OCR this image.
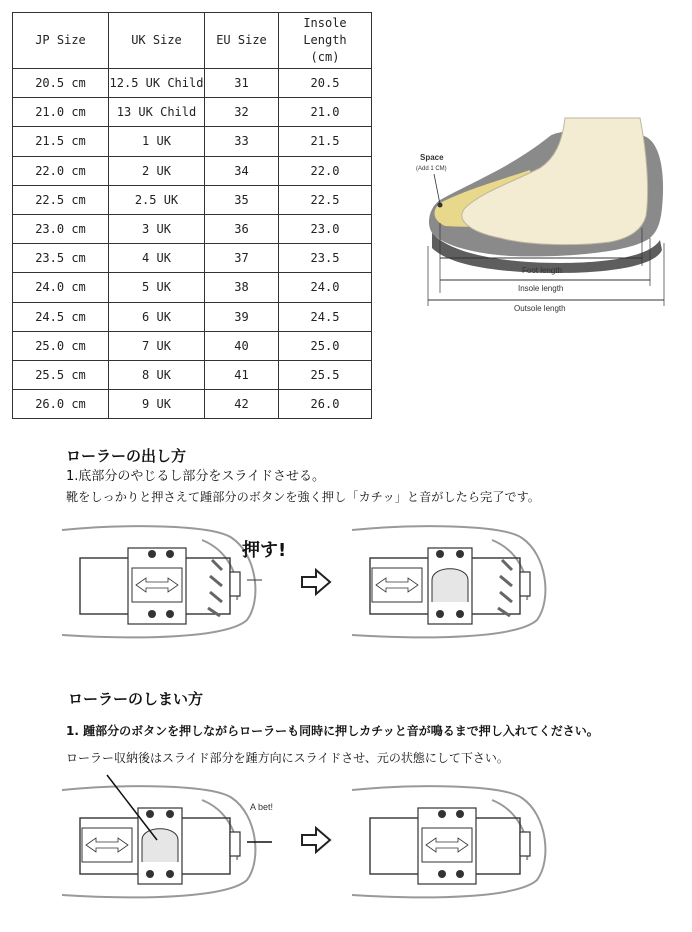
JP Size	UK Size	EU Size	Insole Length
(cm)
20.5 cm	12.5 UK Child	31	20.5
21.0 cm	13 UK Child	32	21.0
21.5 cm	1 UK	33	21.5
22.0 cm	2 UK	34	22.0
22.5 cm	2.5 UK	35	22.5
23.0 cm	3 UK	36	23.0
23.5 cm	4 UK	37	23.5
24.0 cm	5 UK	38	24.0
24.5 cm	6 UK	39	24.5
25.0 cm	7 UK	40	25.0
25.5 cm	8 UK	41	25.5
26.0 cm	9 UK	42	26.0
Space
(Add 1 CM)
Foot length
Insole length
Outsole length
ローラーの出し方

1.底部分のやじるし部分をスライドさせる。

靴をしっかりと押さえて踵部分のボタンを強く押し「カチッ」と音がしたら完了です。

押す!
ローラーのしまい方

1. 踵部分のボタンを押しながらローラーも同時に押しカチッと音が鳴るまで押し入れてください。

ローラー収納後はスライド部分を踵方向にスライドさせ、元の状態にして下さい。

A bet!
